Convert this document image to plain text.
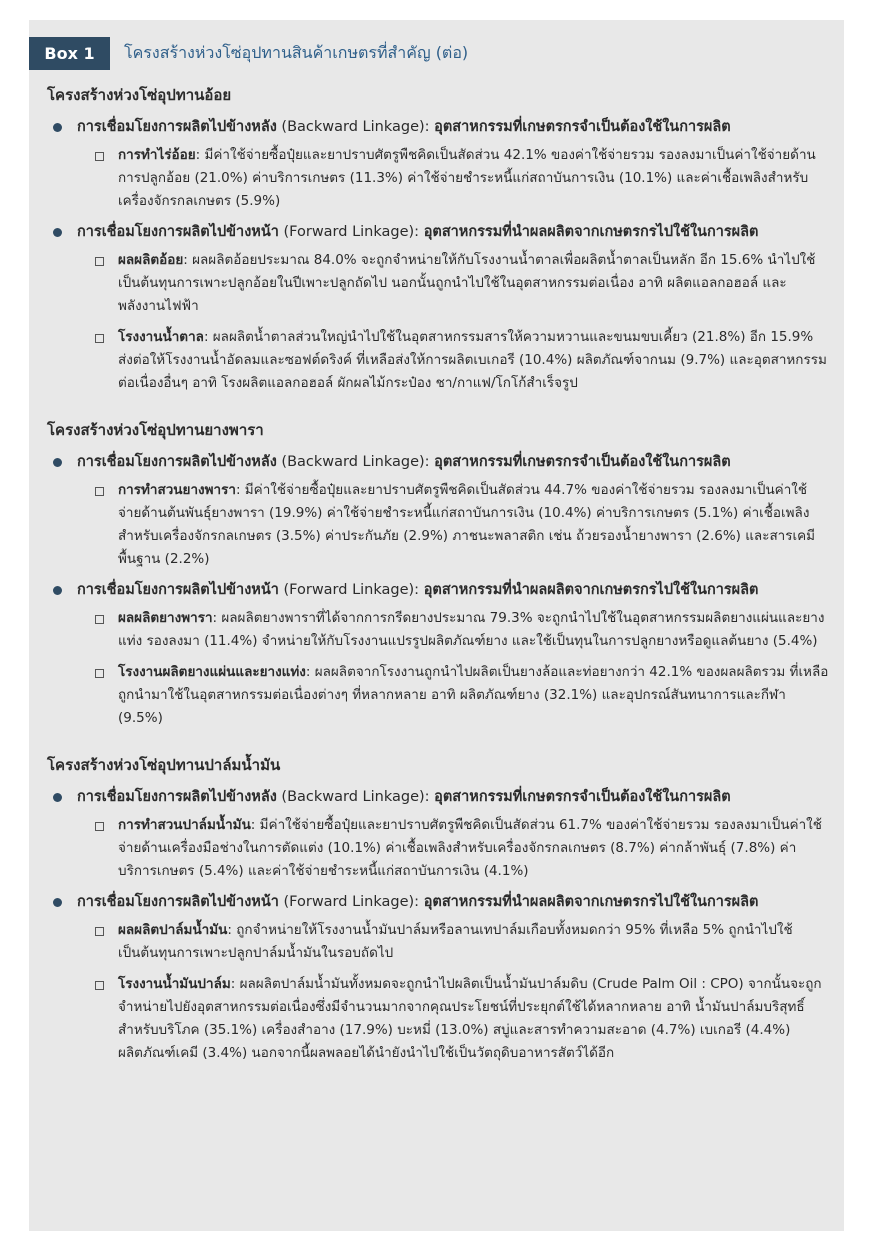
Box 1	โครงสร้างห่วงโซ่อุปทานสินค้าเกษตรที่สำคัญ (ต่อ)
โครงสร้างห่วงโซ่อุปทานอ้อย
การเชื่อมโยงการผลิตไปข้างหลัง (Backward Linkage): อุตสาหกรรมที่เกษตรกรจำเป็นต้องใช้ในการผลิต
การทำไร่อ้อย: มีค่าใช้จ่ายซื้อปุ๋ยและยาปราบศัตรูพืชคิดเป็นสัดส่วน 42.1% ของค่าใช้จ่ายรวม รองลงมาเป็นค่าใช้จ่ายด้านการปลูกอ้อย (21.0%) ค่าบริการเกษตร (11.3%) ค่าใช้จ่ายชำระหนี้แก่สถาบันการเงิน (10.1%) และค่าเชื้อเพลิงสำหรับเครื่องจักรกลเกษตร (5.9%)
การเชื่อมโยงการผลิตไปข้างหน้า (Forward Linkage): อุตสาหกรรมที่นำผลผลิตจากเกษตรกรไปใช้ในการผลิต
ผลผลิตอ้อย: ผลผลิตอ้อยประมาณ 84.0% จะถูกจำหน่ายให้กับโรงงานน้ำตาลเพื่อผลิตน้ำตาลเป็นหลัก อีก 15.6% นำไปใช้เป็นต้นทุนการเพาะปลูกอ้อยในปีเพาะปลูกถัดไป นอกนั้นถูกนำไปใช้ในอุตสาหกรรมต่อเนื่อง อาทิ ผลิตแอลกอฮอล์ และพลังงานไฟฟ้า
โรงงานน้ำตาล: ผลผลิตน้ำตาลส่วนใหญ่นำไปใช้ในอุตสาหกรรมสารให้ความหวานและขนมขบเคี้ยว (21.8%) อีก 15.9% ส่งต่อให้โรงงานน้ำอัดลมและซอฟต์ดริงค์ ที่เหลือส่งให้การผลิตเบเกอรี (10.4%) ผลิตภัณฑ์จากนม (9.7%) และอุตสาหกรรมต่อเนื่องอื่นๆ อาทิ โรงผลิตแอลกอฮอล์ ผักผลไม้กระป๋อง ชา/กาแฟ/โกโก้สำเร็จรูป
โครงสร้างห่วงโซ่อุปทานยางพารา
การเชื่อมโยงการผลิตไปข้างหลัง (Backward Linkage): อุตสาหกรรมที่เกษตรกรจำเป็นต้องใช้ในการผลิต
การทำสวนยางพารา: มีค่าใช้จ่ายซื้อปุ๋ยและยาปราบศัตรูพืชคิดเป็นสัดส่วน 44.7% ของค่าใช้จ่ายรวม รองลงมาเป็นค่าใช้จ่ายด้านต้นพันธุ์ยางพารา (19.9%) ค่าใช้จ่ายชำระหนี้แก่สถาบันการเงิน (10.4%) ค่าบริการเกษตร (5.1%) ค่าเชื้อเพลิงสำหรับเครื่องจักรกลเกษตร (3.5%) ค่าประกันภัย (2.9%) ภาชนะพลาสติก เช่น ถ้วยรองน้ำยางพารา (2.6%) และสารเคมีพื้นฐาน (2.2%)
การเชื่อมโยงการผลิตไปข้างหน้า (Forward Linkage): อุตสาหกรรมที่นำผลผลิตจากเกษตรกรไปใช้ในการผลิต
ผลผลิตยางพารา: ผลผลิตยางพาราที่ได้จากการกรีดยางประมาณ 79.3% จะถูกนำไปใช้ในอุตสาหกรรมผลิตยางแผ่นและยางแท่ง รองลงมา (11.4%) จำหน่ายให้กับโรงงานแปรรูปผลิตภัณฑ์ยาง และใช้เป็นทุนในการปลูกยางหรือดูแลต้นยาง (5.4%)
โรงงานผลิตยางแผ่นและยางแท่ง: ผลผลิตจากโรงงานถูกนำไปผลิตเป็นยางล้อและท่อยางกว่า 42.1% ของผลผลิตรวม ที่เหลือถูกนำมาใช้ในอุตสาหกรรมต่อเนื่องต่างๆ ที่หลากหลาย อาทิ ผลิตภัณฑ์ยาง (32.1%) และอุปกรณ์สันทนาการและกีฬา (9.5%)
โครงสร้างห่วงโซ่อุปทานปาล์มน้ำมัน
การเชื่อมโยงการผลิตไปข้างหลัง (Backward Linkage): อุตสาหกรรมที่เกษตรกรจำเป็นต้องใช้ในการผลิต
การทำสวนปาล์มน้ำมัน: มีค่าใช้จ่ายซื้อปุ๋ยและยาปราบศัตรูพืชคิดเป็นสัดส่วน 61.7% ของค่าใช้จ่ายรวม รองลงมาเป็นค่าใช้จ่ายด้านเครื่องมือช่างในการตัดแต่ง (10.1%) ค่าเชื้อเพลิงสำหรับเครื่องจักรกลเกษตร (8.7%) ค่ากล้าพันธุ์ (7.8%) ค่าบริการเกษตร (5.4%) และค่าใช้จ่ายชำระหนี้แก่สถาบันการเงิน (4.1%)
การเชื่อมโยงการผลิตไปข้างหน้า (Forward Linkage): อุตสาหกรรมที่นำผลผลิตจากเกษตรกรไปใช้ในการผลิต
ผลผลิตปาล์มน้ำมัน: ถูกจำหน่ายให้โรงงานน้ำมันปาล์มหรือลานเทปาล์มเกือบทั้งหมดกว่า 95% ที่เหลือ 5% ถูกนำไปใช้เป็นต้นทุนการเพาะปลูกปาล์มน้ำมันในรอบถัดไป
โรงงานน้ำมันปาล์ม: ผลผลิตปาล์มน้ำมันทั้งหมดจะถูกนำไปผลิตเป็นน้ำมันปาล์มดิบ (Crude Palm Oil : CPO) จากนั้นจะถูกจำหน่ายไปยังอุตสาหกรรมต่อเนื่องซึ่งมีจำนวนมากจากคุณประโยชน์ที่ประยุกต์ใช้ได้หลากหลาย อาทิ น้ำมันปาล์มบริสุทธิ์สำหรับบริโภค (35.1%) เครื่องสำอาง (17.9%) บะหมี่ (13.0%) สบู่และสารทำความสะอาด (4.7%) เบเกอรี (4.4%) ผลิตภัณฑ์เคมี (3.4%) นอกจากนี้ผลพลอยได้นำยังนำไปใช้เป็นวัตถุดิบอาหารสัตว์ได้อีก
